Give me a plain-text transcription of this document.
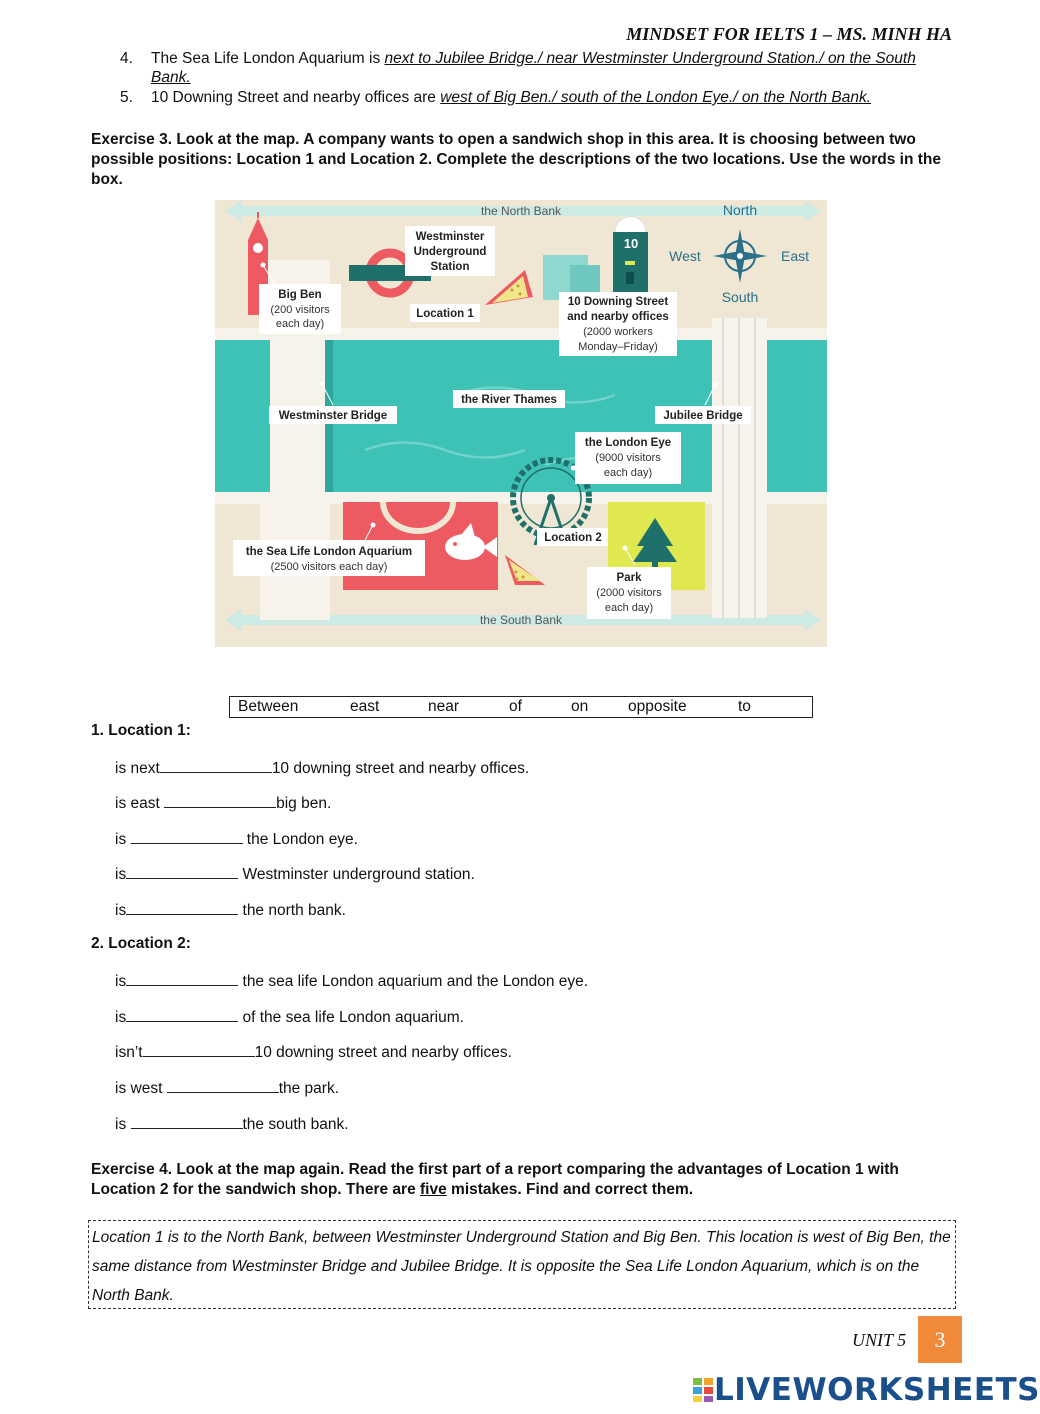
MINDSET FOR IELTS 1 – MS. MINH HA
4. The Sea Life London Aquarium is next to Jubilee Bridge./ near Westminster Underground Station./ on the South Bank.
5. 10 Downing Street and nearby offices are west of Big Ben./ south of the London Eye./ on the North Bank.
Exercise 3. Look at the map. A company wants to open a sandwich shop in this area. It is choosing between two possible positions: Location 1 and Location 2. Complete the descriptions of the two locations. Use the words in the box.
the North Bank
the South Bank
Big Ben
(200 visitors
each day)
Westminster
Underground
Station
Location 1
10
10 Downing Street
and nearby offices
(2000 workers
Monday–Friday)
North
South
West	East
the River Thames
Westminster Bridge	Jubilee Bridge
the London Eye
(9000 visitors
each day)
the Sea Life London Aquarium
(2500 visitors each day)
Location 2
Park
(2000 visitors
each day)
Between	east	near	of	on	opposite	to
1. Location 1:
is next	10 downing street and nearby offices.
is east	big ben.
is	the London eye.
is	Westminster underground station.
is	the north bank.
2. Location 2:
is	the sea life London aquarium and the London eye.
is	of the sea life London aquarium.
isn’t	10 downing street and nearby offices.
is west	the park.
is	the south bank.
Exercise 4. Look at the map again. Read the first part of a report comparing the advantages of Location 1 with Location 2 for the sandwich shop. There are five mistakes. Find and correct them.
Location 1 is to the North Bank, between Westminster Underground Station and Big Ben. This location is west of Big Ben, the same distance from Westminster Bridge and Jubilee Bridge. It is opposite the Sea Life London Aquarium, which is on the North Bank.
UNIT 5	3
LIVEWORKSHEETS
